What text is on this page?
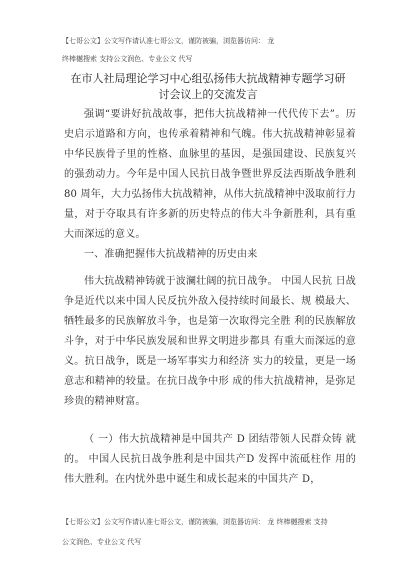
【七哥公文】公文写作请认准七哥公文，谨防被骗，浏览器访问： 龙
终棒樾搜索 支持公文润色、专业公文 代写
在市人社局理论学习中心组弘扬伟大抗战精神专题学习研
讨会议上的交流发言

强调“要讲好抗战故事，把伟大抗战精神一代代传下去”。历史启示道路和方向，也传承着精神和气魄。伟大抗战精神彰显着中华民族骨子里的性格、血脉里的基因，是强国建设、民族复兴的强劲动力。今年是中国人民抗日战争暨世界反法西斯战争胜利 80 周年，大力弘扬伟大抗战精神，从伟大抗战精神中汲取前行力量，对于夺取具有许多新的历史特点的伟大斗争新胜利，具有重大而深远的意义。

一、准确把握伟大抗战精神的历史由来

伟大抗战精神铸就于波澜壮阔的抗日战争。 中国人民抗 日战争是近代以来中国人民反抗外敌入侵持续时间最长、规 模最大、牺牲最多的民族解放斗争，也是第一次取得完全胜 利的民族解放斗争，对于中华民族发展和世界文明进步都具 有重大而深远的意义。抗日战争，既是一场军事实力和经济 实力的较量，更是一场意志和精神的较量。在抗日战争中形 成的伟大抗战精神，是弥足珍贵的精神财富。

（ 一）伟大抗战精神是中国共产 D 团结带领人民群众铸 就的。 中国人民抗日战争胜利是中国共产D 发挥中流砥柱作 用的伟大胜利。在内忧外患中诞生和成长起来的中国共产 D，

【七哥公文】公文写作请认准七哥公文，谨防被骗，浏览器访问： 龙 终棒樾搜索 支持
公文润色、专业公文 代写
